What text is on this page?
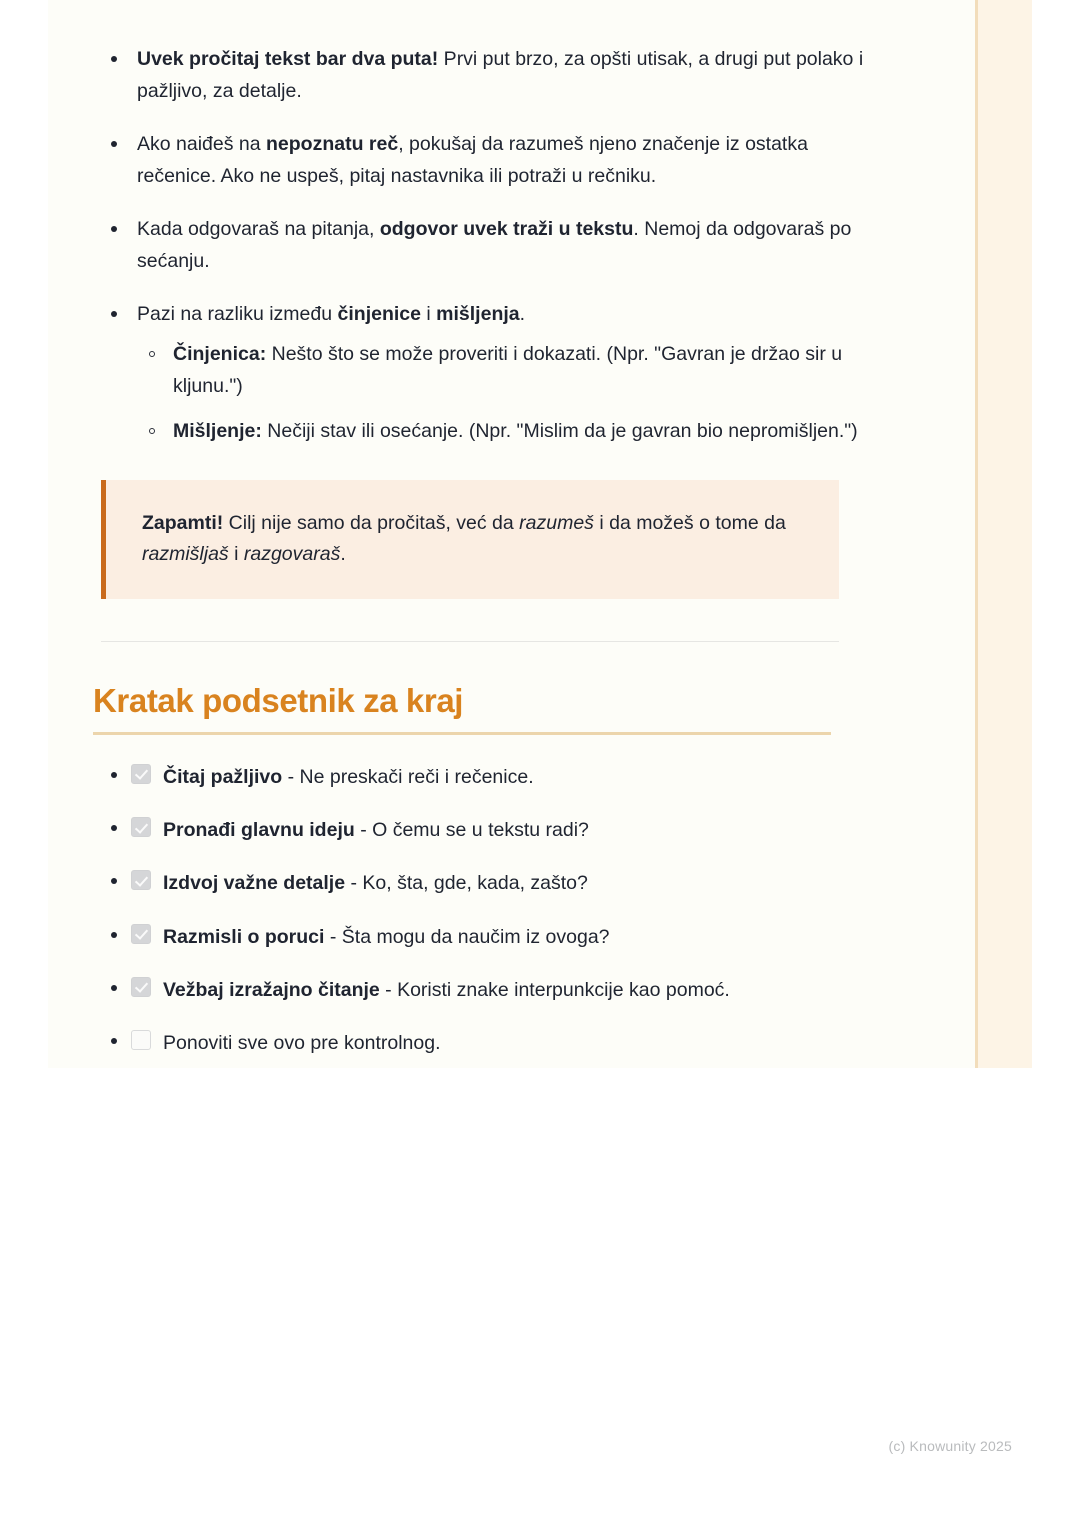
Uvek pročitaj tekst bar dva puta! Prvi put brzo, za opšti utisak, a drugi put polako i pažljivo, za detalje.
Ako naiđeš na nepoznatu reč, pokušaj da razumeš njeno značenje iz ostatka rečenice. Ako ne uspeš, pitaj nastavnika ili potraži u rečniku.
Kada odgovaraš na pitanja, odgovor uvek traži u tekstu. Nemoj da odgovaraš po sećanju.
Pazi na razliku između činjenice i mišljenja.
Činjenica: Nešto što se može proveriti i dokazati. (Npr. "Gavran je držao sir u kljunu.")
Mišljenje: Nečiji stav ili osećanje. (Npr. "Mislim da je gavran bio nepromišljen.")
Zapamti! Cilj nije samo da pročitaš, već da razumeš i da možeš o tome da razmišljaš i razgovaraš.
Kratak podsetnik za kraj
Čitaj pažljivo - Ne preskači reči i rečenice.
Pronađi glavnu ideju - O čemu se u tekstu radi?
Izdvoj važne detalje - Ko, šta, gde, kada, zašto?
Razmisli o poruci - Šta mogu da naučim iz ovoga?
Vežbaj izražajno čitanje - Koristi znake interpunkcije kao pomoć.
Ponoviti sve ovo pre kontrolnog.
(c) Knowunity 2025
